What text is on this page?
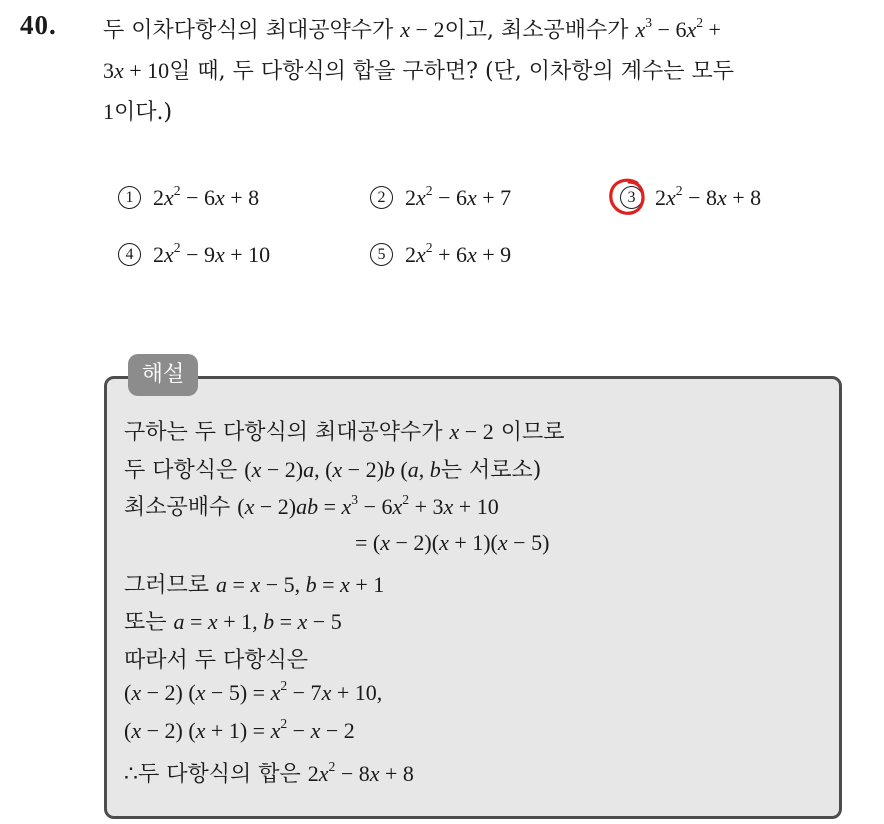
40. 두 이차다항식의 최대공약수가 x − 2이고, 최소공배수가 $x^3 - 6x^2$ +
3x + 10일 때, 두 다항식의 합을 구하면? (단, 이차항의 계수는 모두
1이다.)
1 $2x^2 - 6x + 8$	2 $2x^2 - 6x + 7$	3 $2x^2 - 8x + 8$
4 $2x^2 - 9x + 10$	5 $2x^2 + 6x + 9$
해설
구하는 두 다항식의 최대공약수가 x − 2 이므로
두 다항식은 (x − 2)a, (x − 2)b (a, b는 서로소)
최소공배수 $(x - 2)ab = x^3 - 6x^2 + 3x + 10$
= (x − 2)(x + 1)(x − 5)
그러므로 a = x − 5, b = x + 1
또는 a = x + 1, b = x − 5
따라서 두 다항식은
(x − 2) $(x - 5) = x^2 - 7x + 10$,
(x − 2) $(x + 1) = x^2 - x - 2$
∴두 다항식의 합은 $2x^2 - 8x + 8$
